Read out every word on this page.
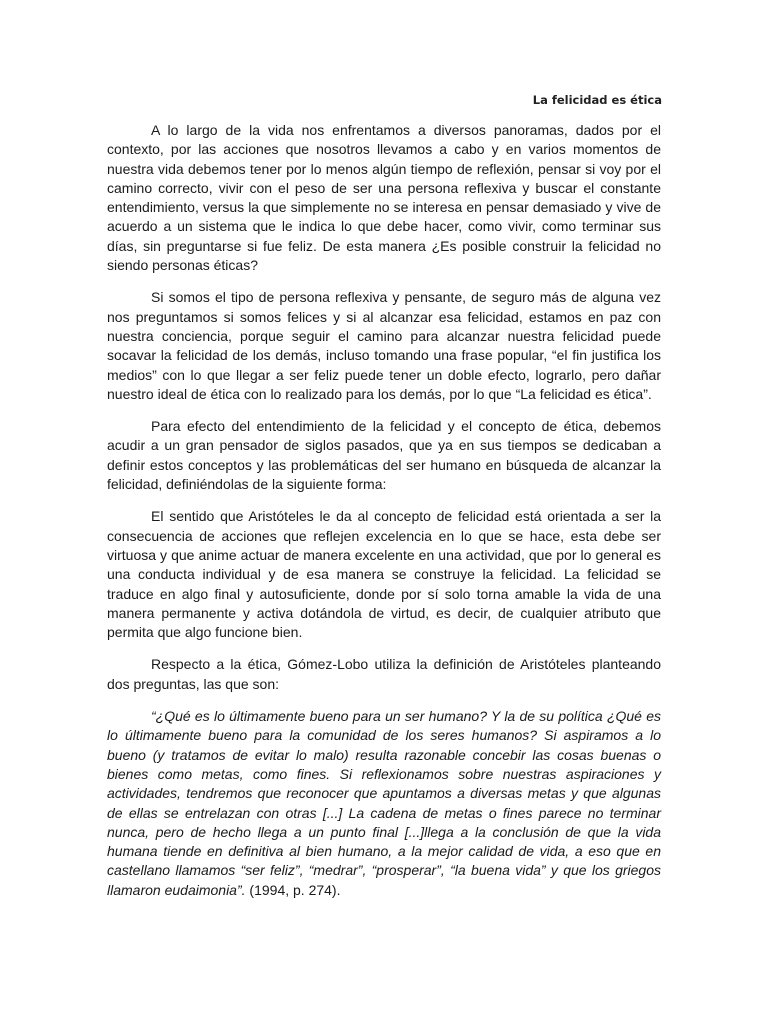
La felicidad es ética

A lo largo de la vida nos enfrentamos a diversos panoramas, dados por el contexto, por las acciones que nosotros llevamos a cabo y en varios momentos de nuestra vida debemos tener por lo menos algún tiempo de reflexión, pensar si voy por el camino correcto, vivir con el peso de ser una persona reflexiva y buscar el constante entendimiento, versus la que simplemente no se interesa en pensar demasiado y vive de acuerdo a un sistema que le indica lo que debe hacer, como vivir, como terminar sus días, sin preguntarse si fue feliz. De esta manera ¿Es posible construir la felicidad no siendo personas éticas?

Si somos el tipo de persona reflexiva y pensante, de seguro más de alguna vez nos preguntamos si somos felices y si al alcanzar esa felicidad, estamos en paz con nuestra conciencia, porque seguir el camino para alcanzar nuestra felicidad puede socavar la felicidad de los demás, incluso tomando una frase popular, “el fin justifica los medios” con lo que llegar a ser feliz puede tener un doble efecto, lograrlo, pero dañar nuestro ideal de ética con lo realizado para los demás, por lo que “La felicidad es ética”.

Para efecto del entendimiento de la felicidad y el concepto de ética, debemos acudir a un gran pensador de siglos pasados, que ya en sus tiempos se dedicaban a definir estos conceptos y las problemáticas del ser humano en búsqueda de alcanzar la felicidad, definiéndolas de la siguiente forma:

El sentido que Aristóteles le da al concepto de felicidad está orientada a ser la consecuencia de acciones que reflejen excelencia en lo que se hace, esta debe ser virtuosa y que anime actuar de manera excelente en una actividad, que por lo general es una conducta individual y de esa manera se construye la felicidad. La felicidad se traduce en algo final y autosuficiente, donde por sí solo torna amable la vida de una manera permanente y activa dotándola de virtud, es decir, de cualquier atributo que permita que algo funcione bien.

Respecto a la ética, Gómez-Lobo utiliza la definición de Aristóteles planteando dos preguntas, las que son:

“¿Qué es lo últimamente bueno para un ser humano? Y la de su política ¿Qué es lo últimamente bueno para la comunidad de los seres humanos? Si aspiramos a lo bueno (y tratamos de evitar lo malo) resulta razonable concebir las cosas buenas o bienes como metas, como fines. Si reflexionamos sobre nuestras aspiraciones y actividades, tendremos que reconocer que apuntamos a diversas metas y que algunas de ellas se entrelazan con otras [...] La cadena de metas o fines parece no terminar nunca, pero de hecho llega a un punto final [...]llega a la conclusión de que la vida humana tiende en definitiva al bien humano, a la mejor calidad de vida, a eso que en castellano llamamos “ser feliz”, “medrar”, “prosperar”, “la buena vida” y que los griegos llamaron eudaimonia”. (1994, p. 274).
